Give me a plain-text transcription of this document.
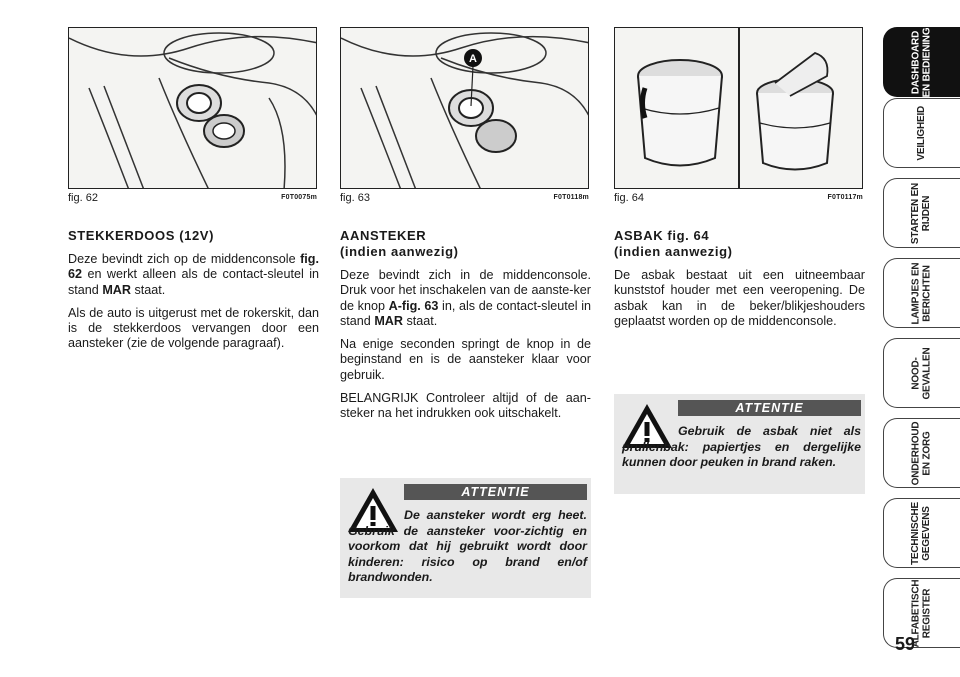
fig. 62	F0T0075m
A
fig. 63	F0T0118m fig. 64	F0T0117m
STEKKERDOOS (12V)

Deze bevindt zich op de middenconsole fig. 62 en werkt alleen als de contact-sleutel in stand MAR staat.

Als de auto is uitgerust met de rokerskit, dan is de stekkerdoos vervangen door een aansteker (zie de volgende paragraaf).

AANSTEKER
(indien aanwezig)

Deze bevindt zich in de middenconsole. Druk voor het inschakelen van de aanste-ker de knop A-fig. 63 in, als de contact-sleutel in stand MAR staat.

Na enige seconden springt de knop in de beginstand en is de aansteker klaar voor gebruik.

BELANGRIJK Controleer altijd of de aan-steker na het indrukken ook uitschakelt.

ATTENTIE
De aansteker wordt erg heet. Gebruik de aansteker voor-zichtig en voorkom dat hij gebruikt wordt door kinderen: risico op brand en/of brandwonden.
ASBAK fig. 64
(indien aanwezig)

De asbak bestaat uit een uitneembaar kunststof houder met een veeropening. De asbak kan in de beker/blikjeshouders geplaatst worden op de middenconsole.

ATTENTIE
Gebruik de asbak niet als prullenbak: papiertjes en dergelijke kunnen door peuken in brand raken.
DASHBOARD
EN BEDIENING
VEILIGHEID
STARTEN EN
RIJDEN
LAMPJES EN
BERICHTEN
NOOD-
GEVALLEN
ONDERHOUD
EN ZORG
TECHNISCHE
GEGEVENS
ALFABETISCH
REGISTER
59
